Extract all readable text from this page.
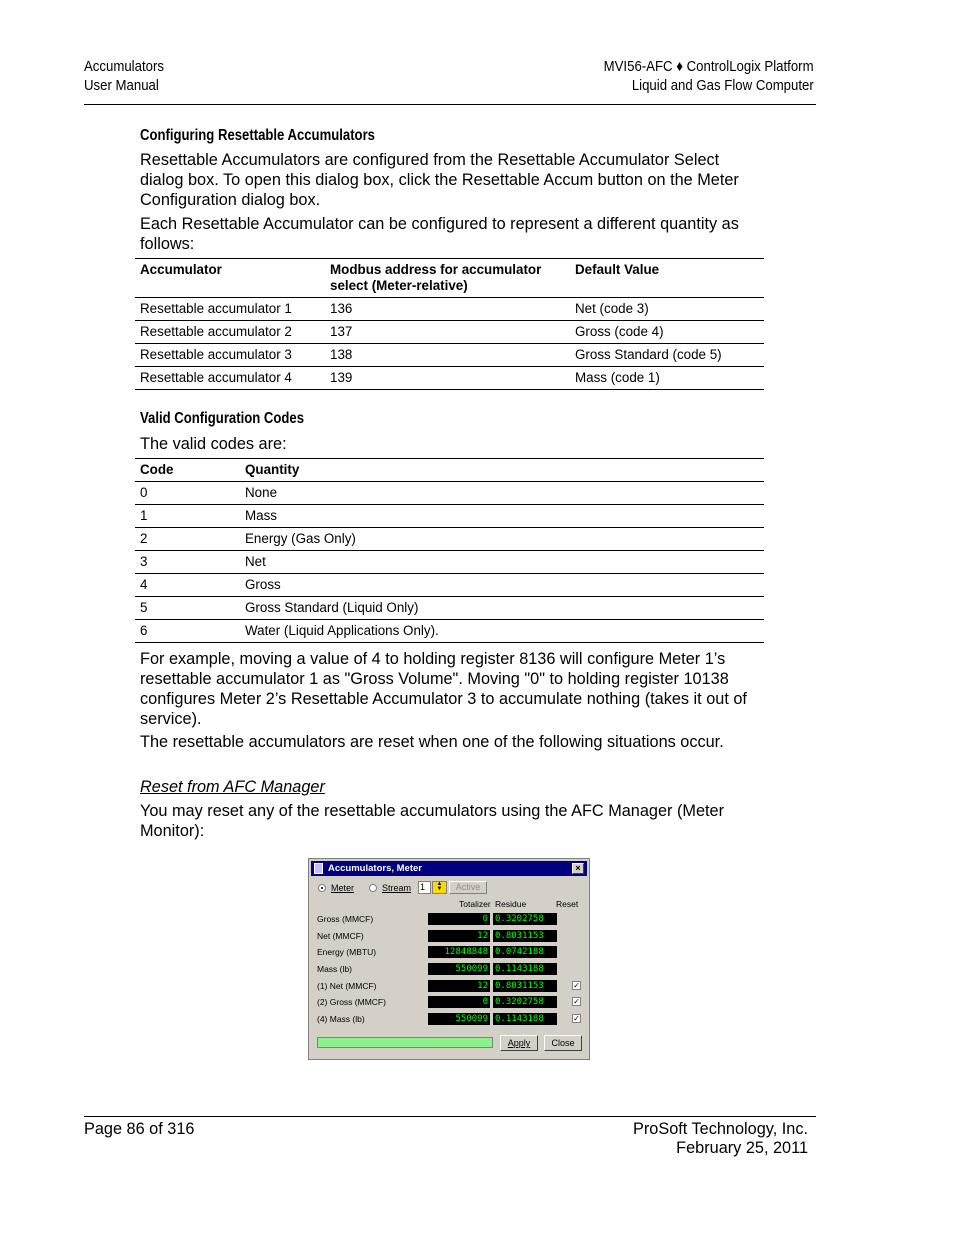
Accumulators
User Manual
MVI56-AFC ♦ ControlLogix Platform
Liquid and Gas Flow Computer
Configuring Resettable Accumulators
Resettable Accumulators are configured from the Resettable Accumulator Select dialog box. To open this dialog box, click the Resettable Accum button on the Meter Configuration dialog box.
Each Resettable Accumulator can be configured to represent a different quantity as follows:
Accumulator	Modbus address for accumulator select (Meter-relative)	Default Value
Resettable accumulator 1	136	Net (code 3)
Resettable accumulator 2	137	Gross (code 4)
Resettable accumulator 3	138	Gross Standard (code 5)
Resettable accumulator 4	139	Mass (code 1)
Valid Configuration Codes
The valid codes are:
Code	Quantity
0	None
1	Mass
2	Energy (Gas Only)
3	Net
4	Gross
5	Gross Standard (Liquid Only)
6	Water (Liquid Applications Only).
For example, moving a value of 4 to holding register 8136 will configure Meter 1’s resettable accumulator 1 as "Gross Volume". Moving "0" to holding register 10138 configures Meter 2’s Resettable Accumulator 3 to accumulate nothing (takes it out of service).
The resettable accumulators are reset when one of the following situations occur.
Reset from AFC Manager
You may reset any of the resettable accumulators using the AFC Manager (Meter Monitor):
Accumulators, Meter	×
Meter	Stream 1	▲
▼	Active
Totalizer Residue	Reset
Gross (MMCF)	0 0.3202758
Net (MMCF)	12 0.8031153
Energy (MBTU)	12848848 0.0742188
Mass (lb)	550099 0.1143188
(1) Net (MMCF)	12 0.8031153	✓
(2) Gross (MMCF)	0 0.3202758	✓
(4) Mass (lb)	550099 0.1143188	✓
Apply	Close
Page 86 of 316	ProSoft Technology, Inc.
February 25, 2011
